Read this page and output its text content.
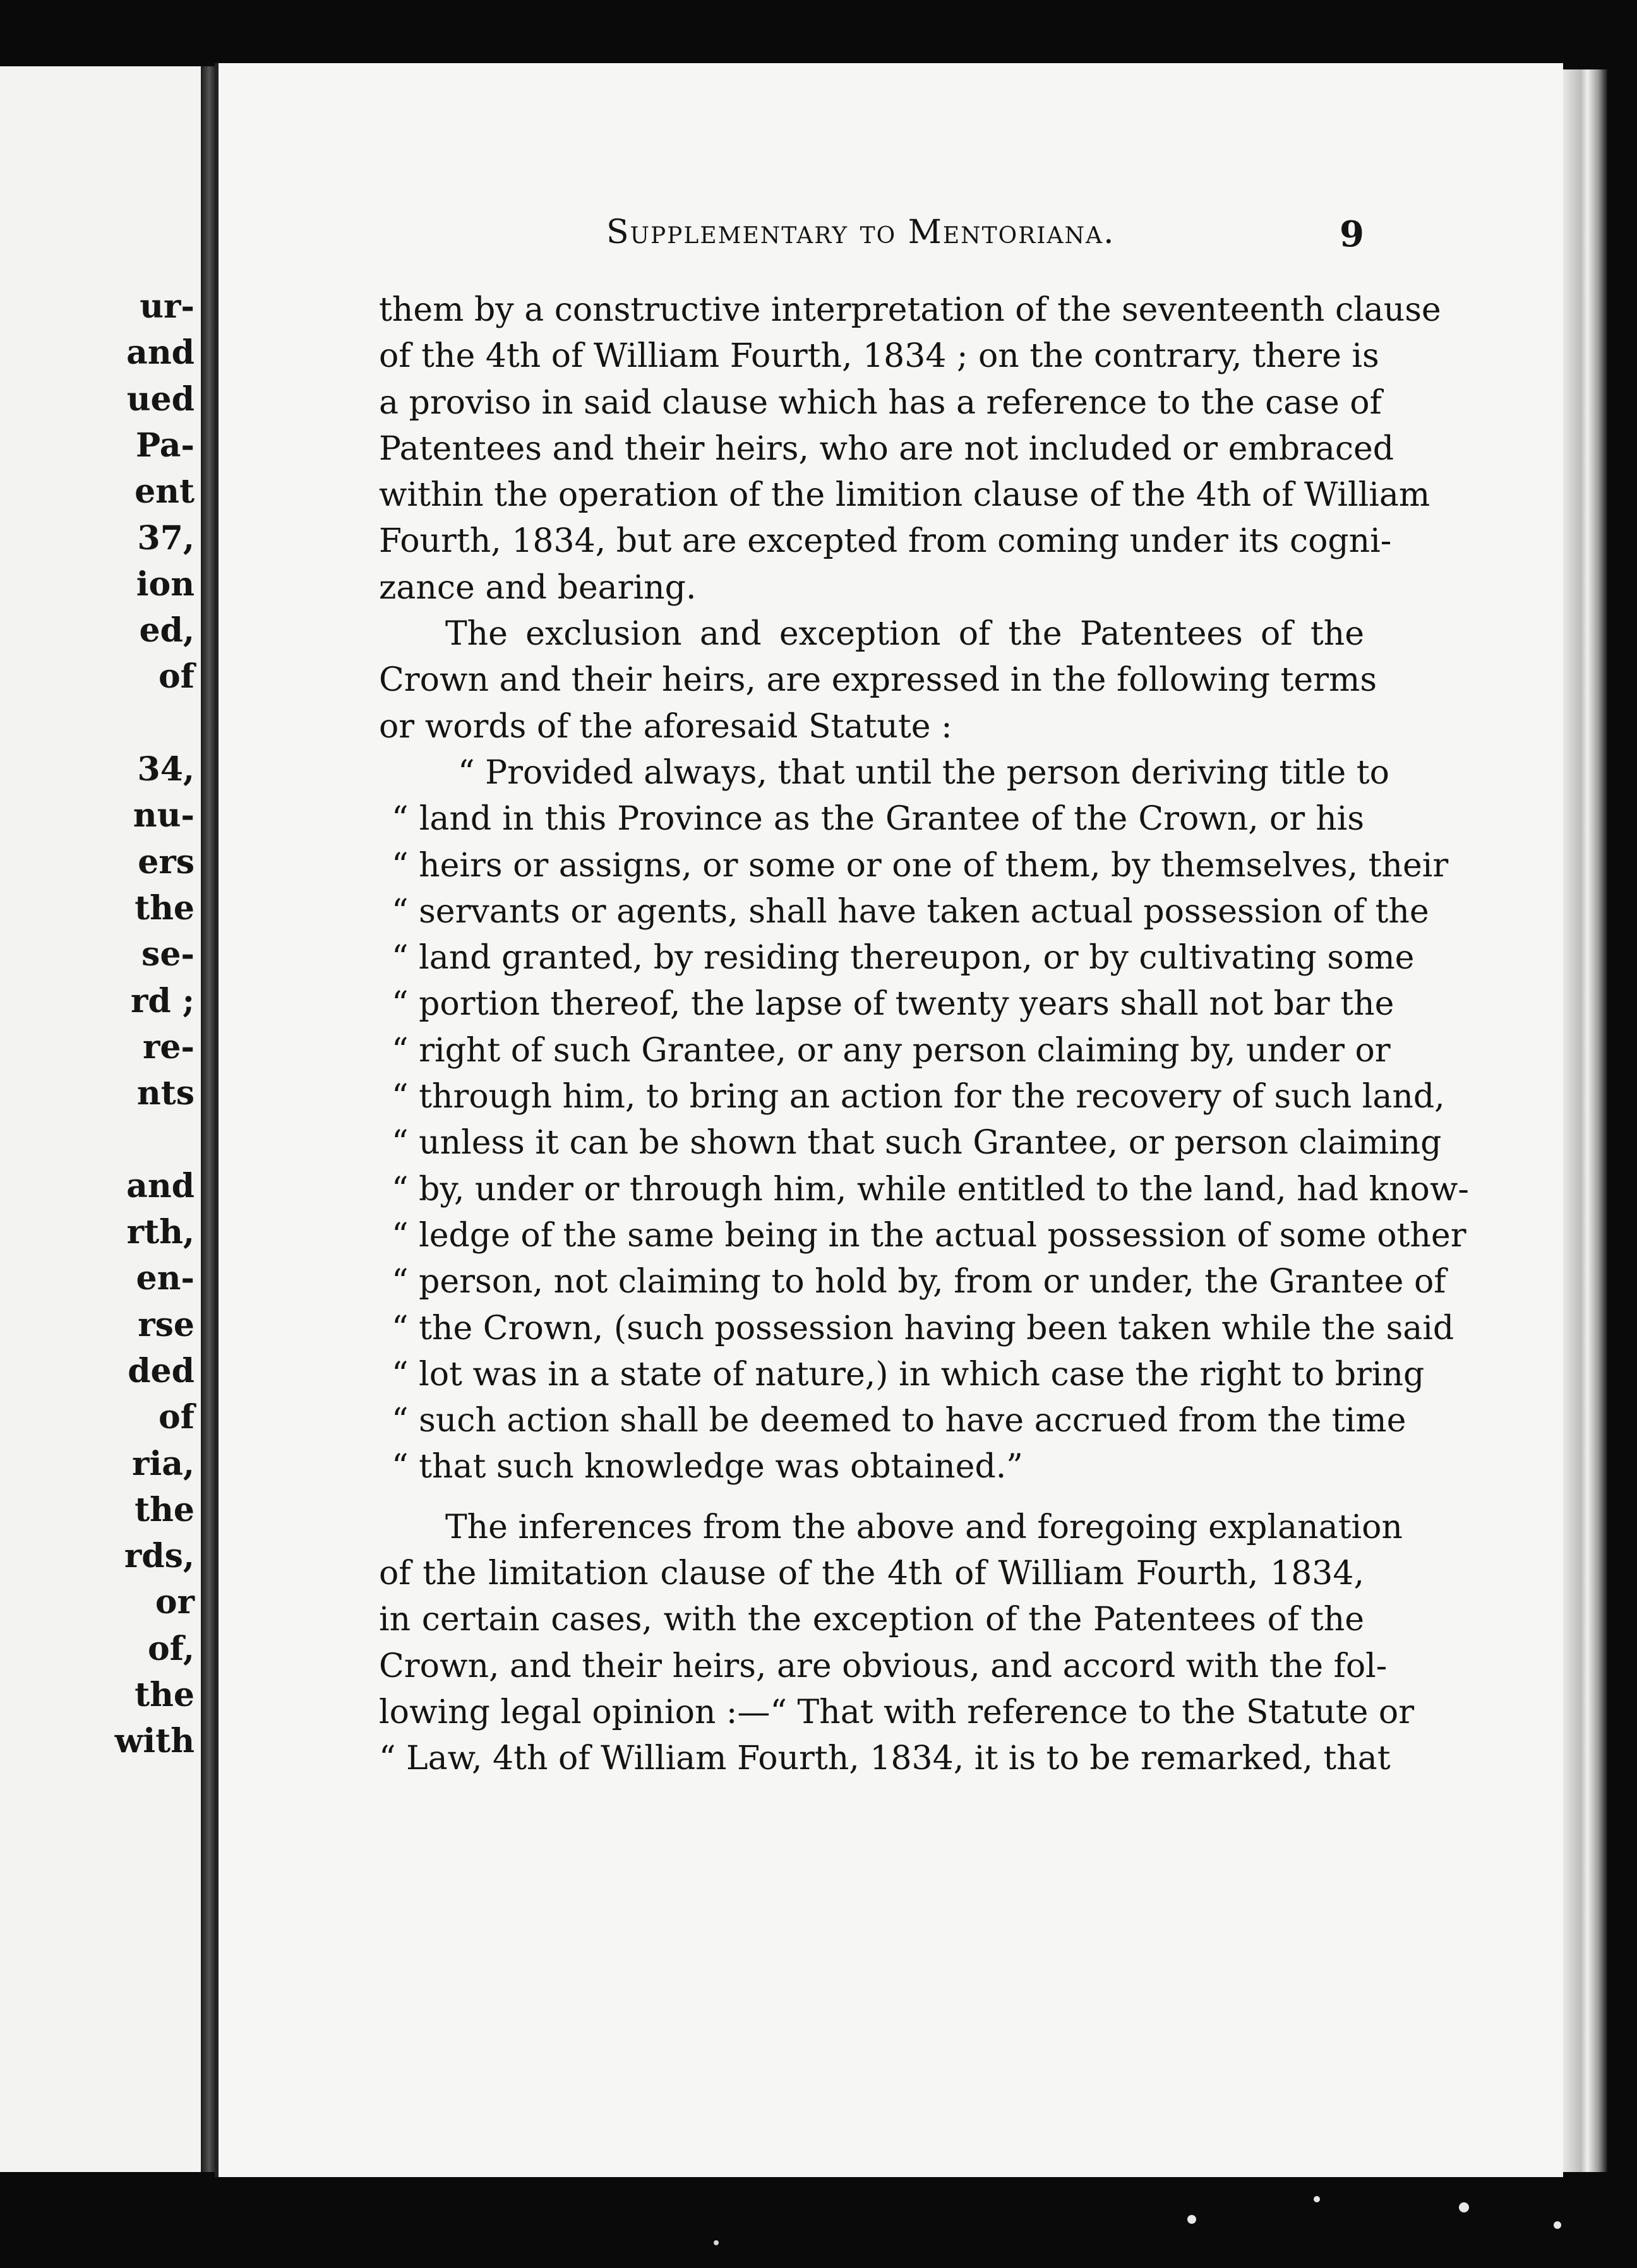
ur-
and
ued
Pa-
ent
37,
ion
ed,
of
34,
nu-
ers
the
se-
rd ;
re-
nts
and
rth,
en-
rse
ded
of
ria,
the
rds,
or
of,
the
with
Supplementary to Mentoriana.	9
them by a constructive interpretation of the seventeenth clause
of the 4th of William Fourth, 1834 ; on the contrary, there is
a proviso in said clause which has a reference to the case of
Patentees and their heirs, who are not included or embraced
within the operation of the limition clause of the 4th of William
Fourth, 1834, but are excepted from coming under its cogni-
zance and bearing.
The exclusion and exception of the Patentees of the
Crown and their heirs, are expressed in the following terms
or words of the aforesaid Statute :
“ Provided always, that until the person deriving title to
“ land in this Province as the Grantee of the Crown, or his
“ heirs or assigns, or some or one of them, by themselves, their
“ servants or agents, shall have taken actual possession of the
“ land granted, by residing thereupon, or by cultivating some
“ portion thereof, the lapse of twenty years shall not bar the
“ right of such Grantee, or any person claiming by, under or
“ through him, to bring an action for the recovery of such land,
“ unless it can be shown that such Grantee, or person claiming
“ by, under or through him, while entitled to the land, had know-
“ ledge of the same being in the actual possession of some other
“ person, not claiming to hold by, from or under, the Grantee of
“ the Crown, (such possession having been taken while the said
“ lot was in a state of nature,) in which case the right to bring
“ such action shall be deemed to have accrued from the time
“ that such knowledge was obtained.”
The inferences from the above and foregoing explanation
of the limitation clause of the 4th of William Fourth, 1834,
in certain cases, with the exception of the Patentees of the
Crown, and their heirs, are obvious, and accord with the fol-
lowing legal opinion :—“ That with reference to the Statute or
“ Law, 4th of William Fourth, 1834, it is to be remarked, that
